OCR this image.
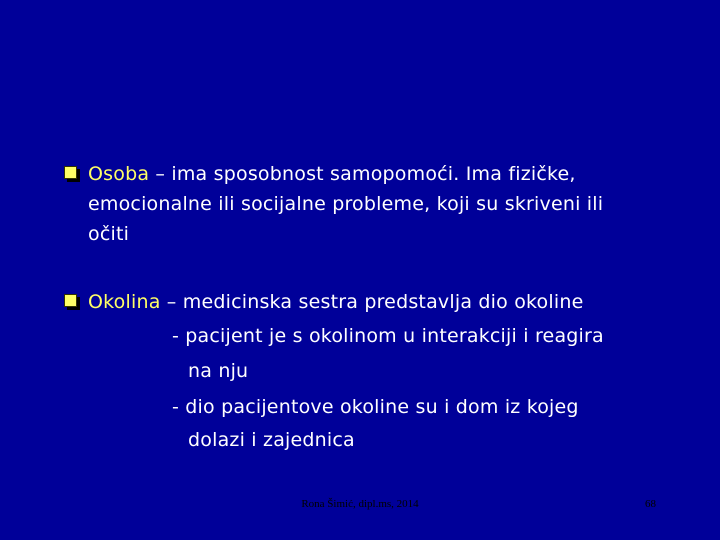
Osoba – ima sposobnost samopomoći. Ima fizičke,
emocionalne ili socijalne probleme, koji su skriveni ili
očiti
Okolina – medicinska sestra predstavlja dio okoline
- pacijent je s okolinom u interakciji i reagira
na nju
- dio pacijentove okoline su i dom iz kojeg
dolazi i zajednica
Rona Šimić, dipl.ms, 2014	68
